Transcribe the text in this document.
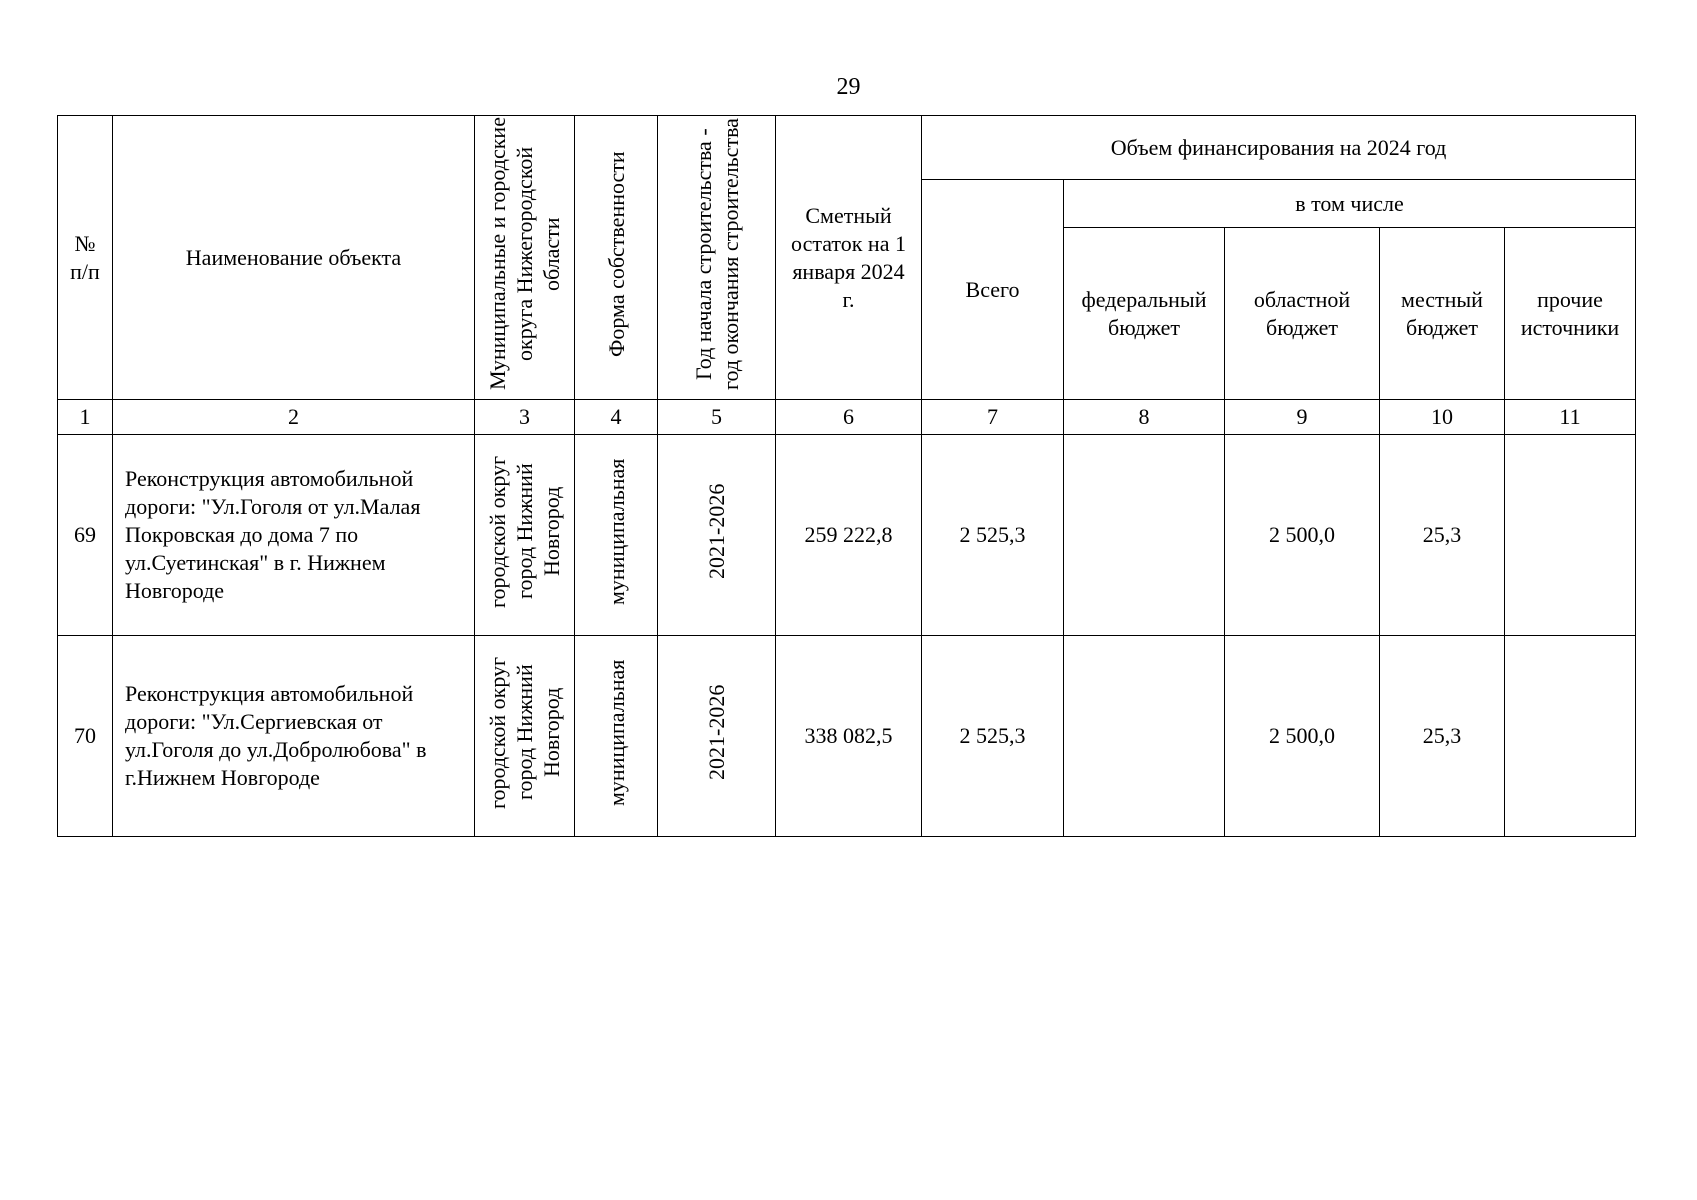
29
№ п/п	Наименование объекта	Муниципальные и городские округа Нижегородской области	Форма собственности	Год начала строительства - год окончания строительства	Сметный остаток на 1 января 2024 г.	Объем финансирования на 2024 год				
						Всего	в том числе			
							федеральный бюджет	областной бюджет	местный бюджет	прочие источники
1	2	3	4	5	6	7	8	9	10	11
69	Реконструкция автомобильной дороги: "Ул.Гоголя от ул.Малая Покровская до дома 7 по ул.Суетинская" в г. Нижнем Новгороде	городской округ город Нижний Новгород	муниципальная	2021-2026	259 222,8	2 525,3		2 500,0	25,3	
70	Реконструкция автомобильной дороги: "Ул.Сергиевская от ул.Гоголя до ул.Добролюбова" в г.Нижнем Новгороде	городской округ город Нижний Новгород	муниципальная	2021-2026	338 082,5	2 525,3		2 500,0	25,3	
